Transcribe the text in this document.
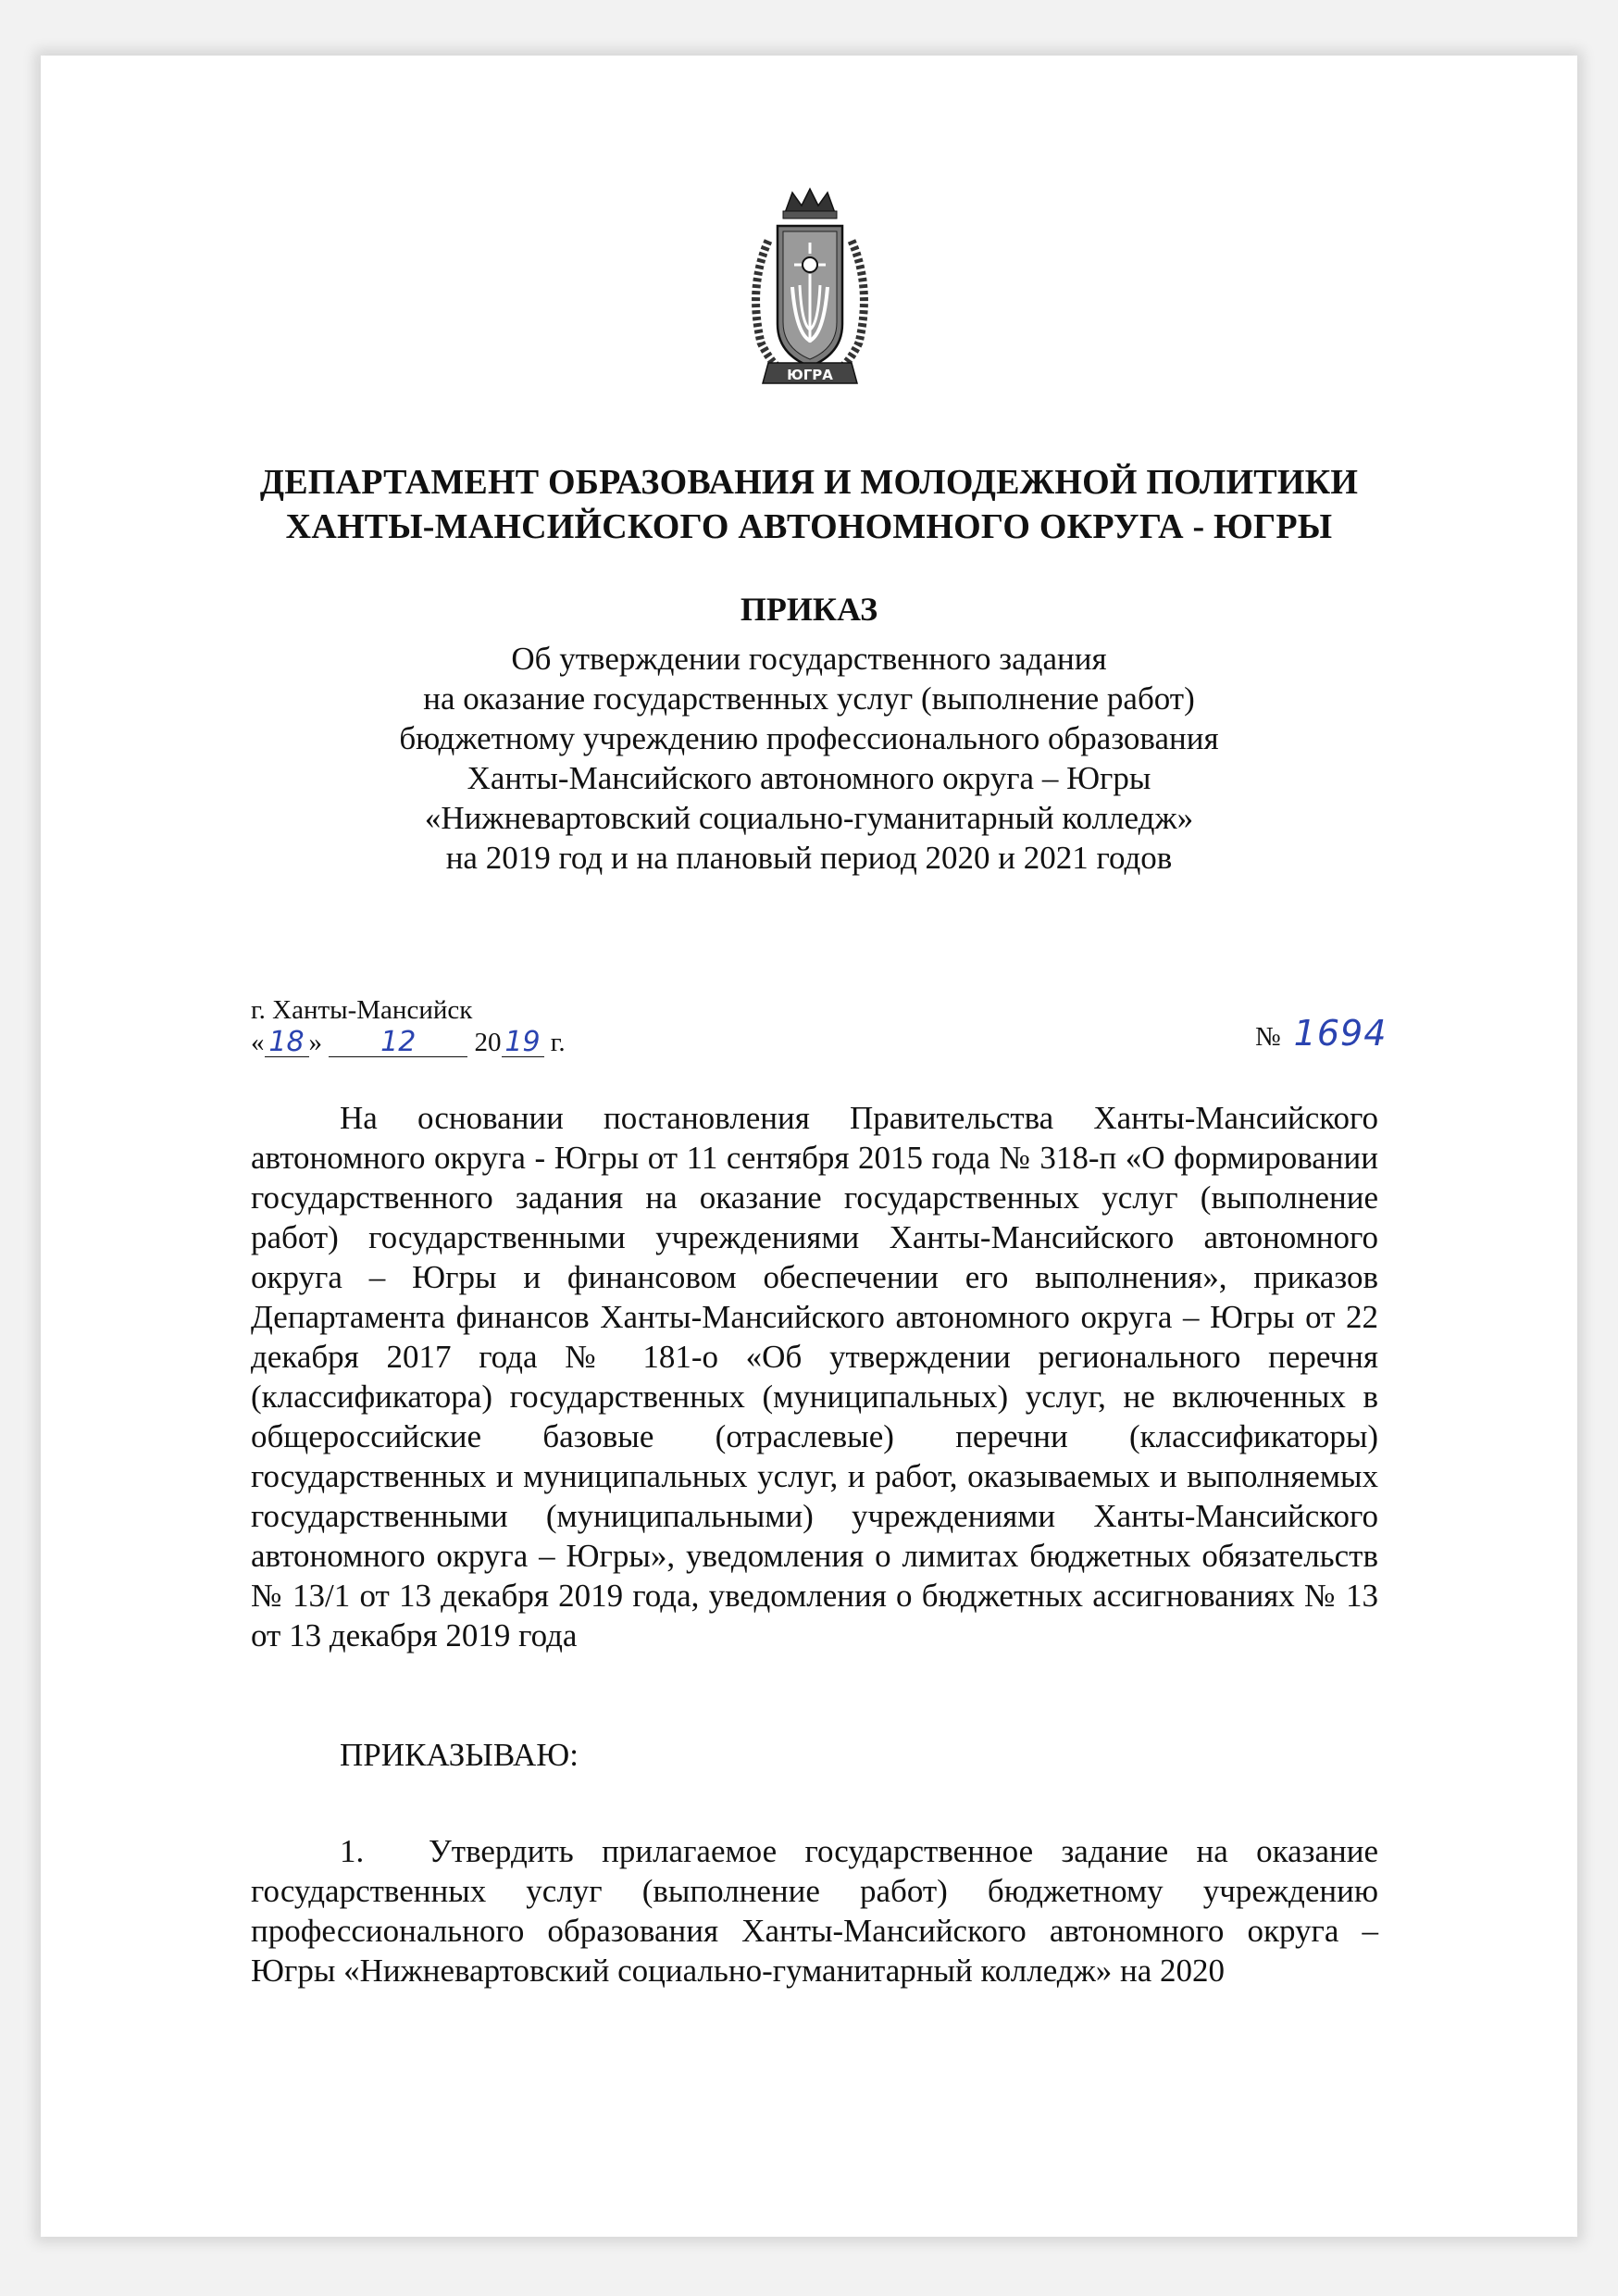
ЮГРА
ДЕПАРТАМЕНТ ОБРАЗОВАНИЯ И МОЛОДЕЖНОЙ ПОЛИТИКИ
ХАНТЫ-МАНСИЙСКОГО АВТОНОМНОГО ОКРУГА - ЮГРЫ
ПРИКАЗ
Об утверждении государственного задания
на оказание государственных услуг (выполнение работ)
бюджетному учреждению профессионального образования
Ханты-Мансийского автономного округа – Югры
«Нижневартовский социально-гуманитарный колледж»
на 2019 год и на плановый период 2020 и 2021 годов
г. Ханты-Мансийск
« 18 » 12 20 19 г.	№ 1694

На основании постановления Правительства Ханты-Мансийского автономного округа - Югры от 11 сентября 2015 года № 318-п «О формировании государственного задания на оказание государственных услуг (выполнение работ) государственными учреждениями Ханты-Мансийского автономного округа – Югры и финансовом обеспечении его выполнения», приказов Департамента финансов Ханты-Мансийского автономного округа – Югры от 22 декабря 2017 года № 181-о «Об утверждении регионального перечня (классификатора) государственных (муниципальных) услуг, не включенных в общероссийские базовые (отраслевые) перечни (классификаторы) государственных и муниципальных услуг, и работ, оказываемых и выполняемых государственными (муниципальными) учреждениями Ханты-Мансийского автономного округа – Югры», уведомления о лимитах бюджетных обязательств № 13/1 от 13 декабря 2019 года, уведомления о бюджетных ассигнованиях № 13 от 13 декабря 2019 года

ПРИКАЗЫВАЮ:

1. Утвердить прилагаемое государственное задание на оказание государственных услуг (выполнение работ) бюджетному учреждению профессионального образования Ханты-Мансийского автономного округа – Югры «Нижневартовский социально-гуманитарный колледж» на 2020
